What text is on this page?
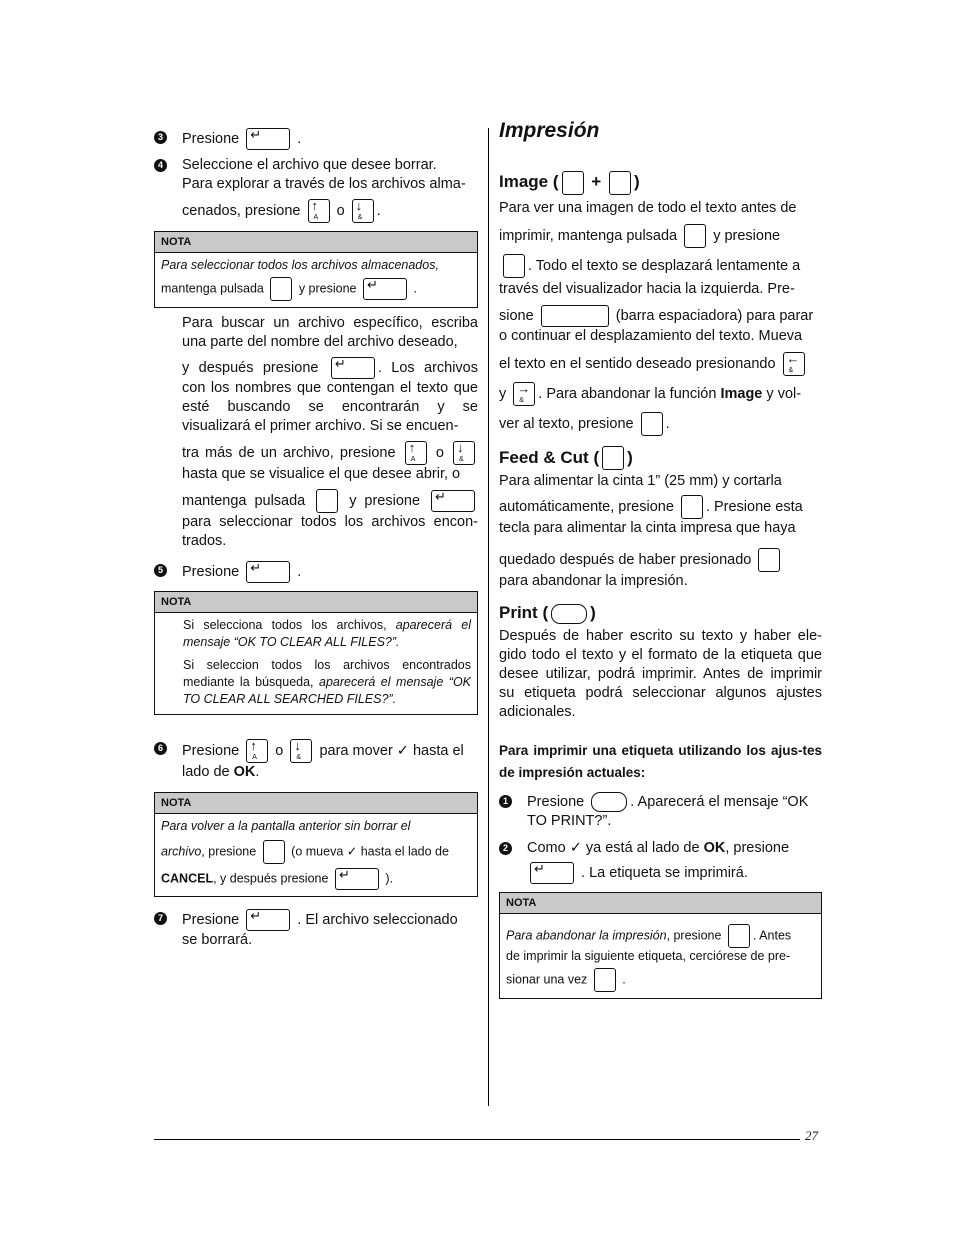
3 Presione ↵ .
4 Seleccione el archivo que desee borrar.
Para explorar a través de los archivos alma-
cenados, presione ↑
A o ↓
& .
NOTA
Para seleccionar todos los archivos almacenados,
mantenga pulsada	y presione ↵	.
Para buscar un archivo específico, escriba una parte del nombre del archivo deseado,
y después presione ↵ . Los archivos con los nombres que contengan el texto que esté buscando se encontrarán y se visualizará el primer archivo. Si se encuen-
tra más de un archivo, presione ↑
A o ↓
&
hasta que se visualice el que desee abrir, o
mantenga pulsada	y presione ↵
para seleccionar todos los archivos encon-trados.
5 Presione ↵ .
NOTA
Si selecciona todos los archivos, aparecerá el mensaje “OK TO CLEAR ALL FILES?”.
Si seleccion todos los archivos encontrados mediante la búsqueda, aparecerá el mensaje “OK TO CLEAR ALL SEARCHED FILES?”.
6 Presione ↑
A o ↓
& para mover ✓ hasta el
lado de OK.
NOTA
Para volver a la pantalla anterior sin borrar el
archivo, presione	(o mueva ✓ hasta el lado de
CANCEL, y después presione ↵	).
7 Presione ↵ . El archivo seleccionado
se borrará.
Impresión
Image ( + )
Para ver una imagen de todo el texto antes de
imprimir, mantenga pulsada y presione
. Todo el texto se desplazará lentamente a
través del visualizador hacia la izquierda. Pre-
sione	(barra espaciadora) para parar
o continuar el desplazamiento del texto. Mueva
el texto en el sentido deseado presionando ←
&
y →
& . Para abandonar la función Image y vol-
ver al texto, presione .
Feed & Cut ( )
Para alimentar la cinta 1” (25 mm) y cortarla
automáticamente, presione . Presione esta
tecla para alimentar la cinta impresa que haya
quedado después de haber presionado
para abandonar la impresión.
Print ( )
Después de haber escrito su texto y haber ele-gido todo el texto y el formato de la etiqueta que desee utilizar, podrá imprimir. Antes de imprimir su etiqueta podrá seleccionar algunos ajustes adicionales.
Para imprimir una etiqueta utilizando los ajus-tes de impresión actuales:
1 Presione	. Aparecerá el mensaje “OK
TO PRINT?”.
2 Como ✓ ya está al lado de OK, presione
↵ . La etiqueta se imprimirá.
NOTA
Para abandonar la impresión, presione	. Antes
de imprimir la siguiente etiqueta, cerciórese de pre-
sionar una vez	.
27
